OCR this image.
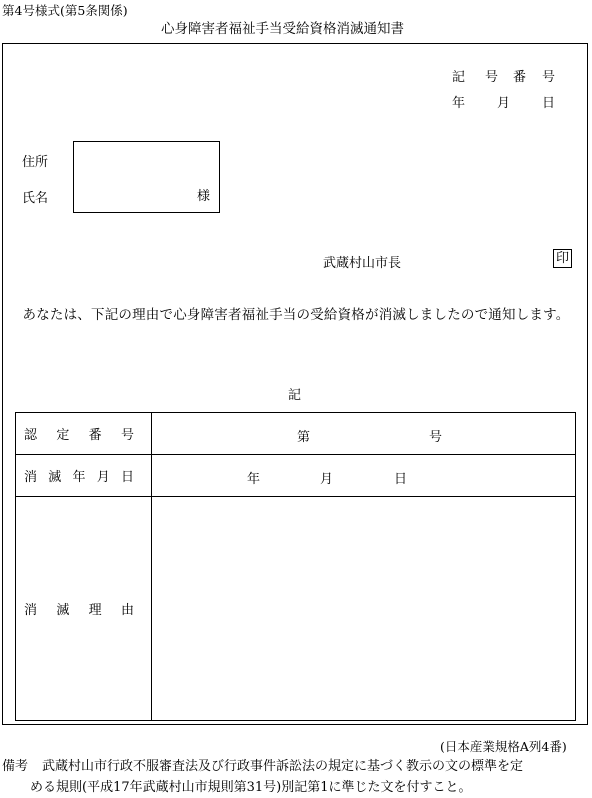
第4号様式(第5条関係)
心身障害者福祉手当受給資格消滅通知書
記 号 番 号
年 月 日
住所
氏名	様
武蔵村山市長	印
あなたは、下記の理由で心身障害者福祉手当の受給資格が消滅しましたので通知します。
記
認 定 番 号	第 号

消 滅 年 月 日	年 月 日

消 滅 理 由	

(日本産業規格A列4番)
備考 武蔵村山市行政不服審査法及び行政事件訴訟法の規定に基づく教示の文の標準を定
める規則(平成17年武蔵村山市規則第31号)別記第1に準じた文を付すこと。
